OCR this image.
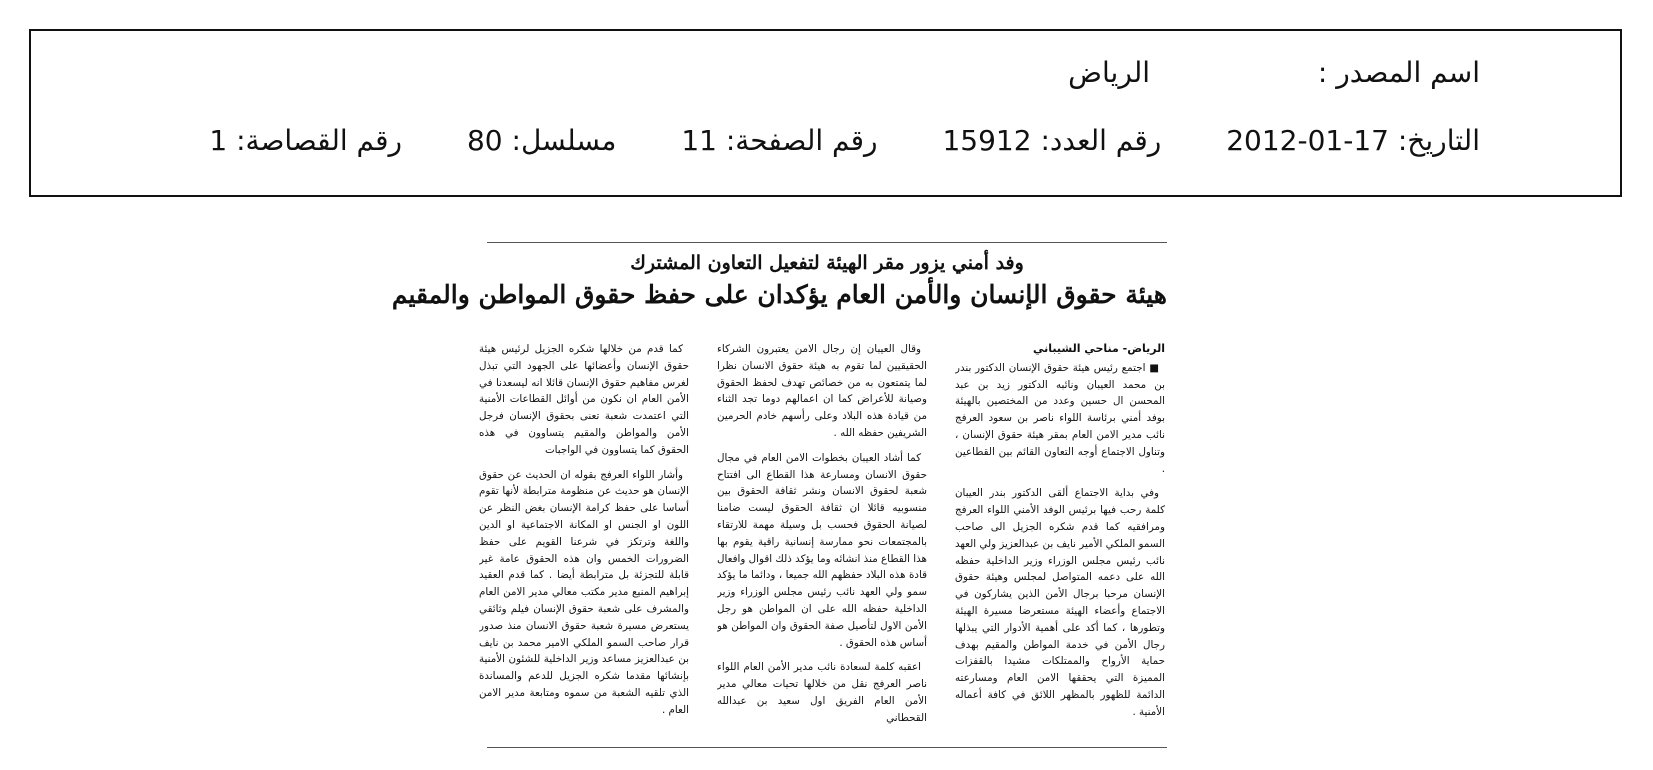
اسم المصدر :  الرياض
التاريخ: 2012-01-17 رقم العدد: 15912 رقم الصفحة: 11 مسلسل: 80 رقم القصاصة: 1
وفد أمني يزور مقر الهيئة لتفعيل التعاون المشترك
هيئة حقوق الإنسان والأمن العام يؤكدان على حفظ حقوق المواطن والمقيم
الرياض- مناحي الشيباني

■ اجتمع رئيس هيئة حقوق الإنسان الدكتور بندر بن محمد العيبان ونائبه الدكتور زيد بن عبد المحسن ال حسين وعدد من المختصين بالهيئة بوفد أمني برئاسة اللواء ناصر بن سعود العرفج نائب مدير الامن العام بمقر هيئة حقوق الإنسان ، وتناول الاجتماع أوجه التعاون القائم بين القطاعين .

وفي بداية الاجتماع ألقى الدكتور بندر العيبان كلمة رحب فيها برئيس الوفد الأمني اللواء العرفج ومرافقيه كما قدم شكره الجزيل الى صاحب السمو الملكي الأمير نايف بن عبدالعزيز ولي العهد نائب رئيس مجلس الوزراء وزير الداخلية حفظه الله على دعمه المتواصل لمجلس وهيئة حقوق الإنسان مرحبا برجال الأمن الذين يشاركون في الاجتماع وأعضاء الهيئة مستعرضا مسيرة الهيئة وتطورها ، كما أكد على أهمية الأدوار التي يبذلها رجال الأمن في خدمة المواطن والمقيم بهدف حماية الأرواح والممتلكات مشيدا بالقفزات المميزة التي يحققها الامن العام ومسارعته الدائمة للظهور بالمظهر اللائق في كافة أعماله الأمنية .

وقال العيبان إن رجال الامن يعتبرون الشركاء الحقيقيين لما تقوم به هيئة حقوق الانسان نظرا لما يتمتعون به من خصائص تهدف لحفظ الحقوق وصيانة للأعراض كما ان اعمالهم دوما تجد الثناء من قيادة هذه البلاد وعلى رأسهم خادم الحرمين الشريفين حفظه الله .

كما أشاد العيبان بخطوات الامن العام في مجال حقوق الانسان ومسارعة هذا القطاع الى افتتاح شعبة لحقوق الانسان ونشر ثقافة الحقوق بين منسوبيه قائلا ان ثقافة الحقوق ليست ضامنا لصيانة الحقوق فحسب بل وسيلة مهمة للارتقاء بالمجتمعات نحو ممارسة إنسانية راقية يقوم بها هذا القطاع منذ انشائه وما يؤكد ذلك اقوال وافعال قادة هذه البلاد حفظهم الله جميعا ، ودائما ما يؤكد سمو ولي العهد نائب رئيس مجلس الوزراء وزير الداخلية حفظه الله على ان المواطن هو رجل الأمن الاول لتأصيل صفة الحقوق وان المواطن هو أساس هذه الحقوق .

اعقبه كلمة لسعادة نائب مدير الأمن العام اللواء ناصر العرفج نقل من خلالها تحيات معالي مدير الأمن العام الفريق اول سعيد بن عبدالله القحطاني

كما قدم من خلالها شكره الجزيل لرئيس هيئة حقوق الإنسان وأعضائها على الجهود التي تبذل لغرس مفاهيم حقوق الإنسان قائلا انه ليسعدنا في الأمن العام ان نكون من أوائل القطاعات الأمنية التي اعتمدت شعبة تعنى بحقوق الإنسان فرجل الأمن والمواطن والمقيم يتساوون في هذه الحقوق كما يتساوون في الواجبات

وأشار اللواء العرفج بقوله ان الحديث عن حقوق الإنسان هو حديث عن منظومة مترابطة لأنها تقوم أساسا على حفظ كرامة الإنسان بغض النظر عن اللون او الجنس او المكانة الاجتماعية او الدين واللغة وترتكز في شرعنا القويم على حفظ الضرورات الخمس وان هذه الحقوق عامة غير قابلة للتجزئة بل مترابطة أيضا . كما قدم العقيد إبراهيم المنيع مدير مكتب معالي مدير الامن العام والمشرف على شعبة حقوق الإنسان فيلم وثائقي يستعرض مسيرة شعبة حقوق الانسان منذ صدور قرار صاحب السمو الملكي الامير محمد بن نايف بن عبدالعزيز مساعد وزير الداخلية للشئون الأمنية بإنشائها مقدما شكره الجزيل للدعم والمساندة الذي تلقيه الشعبة من سموه ومتابعة مدير الامن العام .
